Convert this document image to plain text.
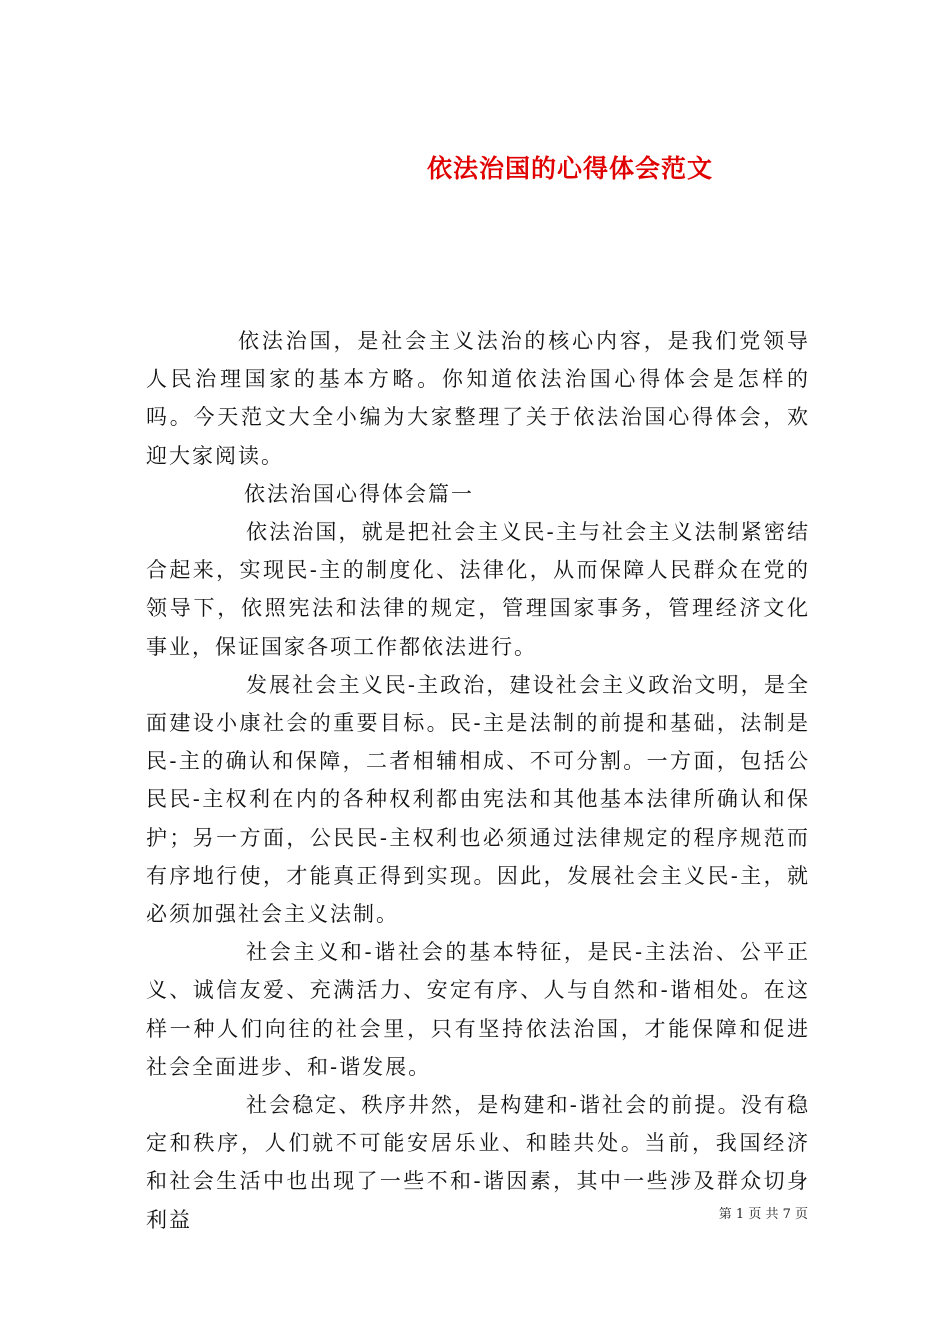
依法治国的心得体会范文

依法治国，是社会主义法治的核心内容，是我们党领导人民治理国家的基本方略。你知道依法治国心得体会是怎样的吗。今天范文大全小编为大家整理了关于依法治国心得体会，欢迎大家阅读。

依法治国心得体会篇一

依法治国，就是把社会主义民-主与社会主义法制紧密结合起来，实现民-主的制度化、法律化，从而保障人民群众在党的领导下，依照宪法和法律的规定，管理国家事务，管理经济文化事业，保证国家各项工作都依法进行。

发展社会主义民-主政治，建设社会主义政治文明，是全面建设小康社会的重要目标。民-主是法制的前提和基础，法制是民-主的确认和保障，二者相辅相成、不可分割。一方面，包括公民民-主权利在内的各种权利都由宪法和其他基本法律所确认和保护；另一方面，公民民-主权利也必须通过法律规定的程序规范而有序地行使，才能真正得到实现。因此，发展社会主义民-主，就必须加强社会主义法制。

社会主义和-谐社会的基本特征，是民-主法治、公平正义、诚信友爱、充满活力、安定有序、人与自然和-谐相处。在这样一种人们向往的社会里，只有坚持依法治国，才能保障和促进社会全面进步、和-谐发展。

社会稳定、秩序井然，是构建和-谐社会的前提。没有稳定和秩序，人们就不可能安居乐业、和睦共处。当前，我国经济和社会生活中也出现了一些不和-谐因素，其中一些涉及群众切身利益	第 1 页 共 7 页
